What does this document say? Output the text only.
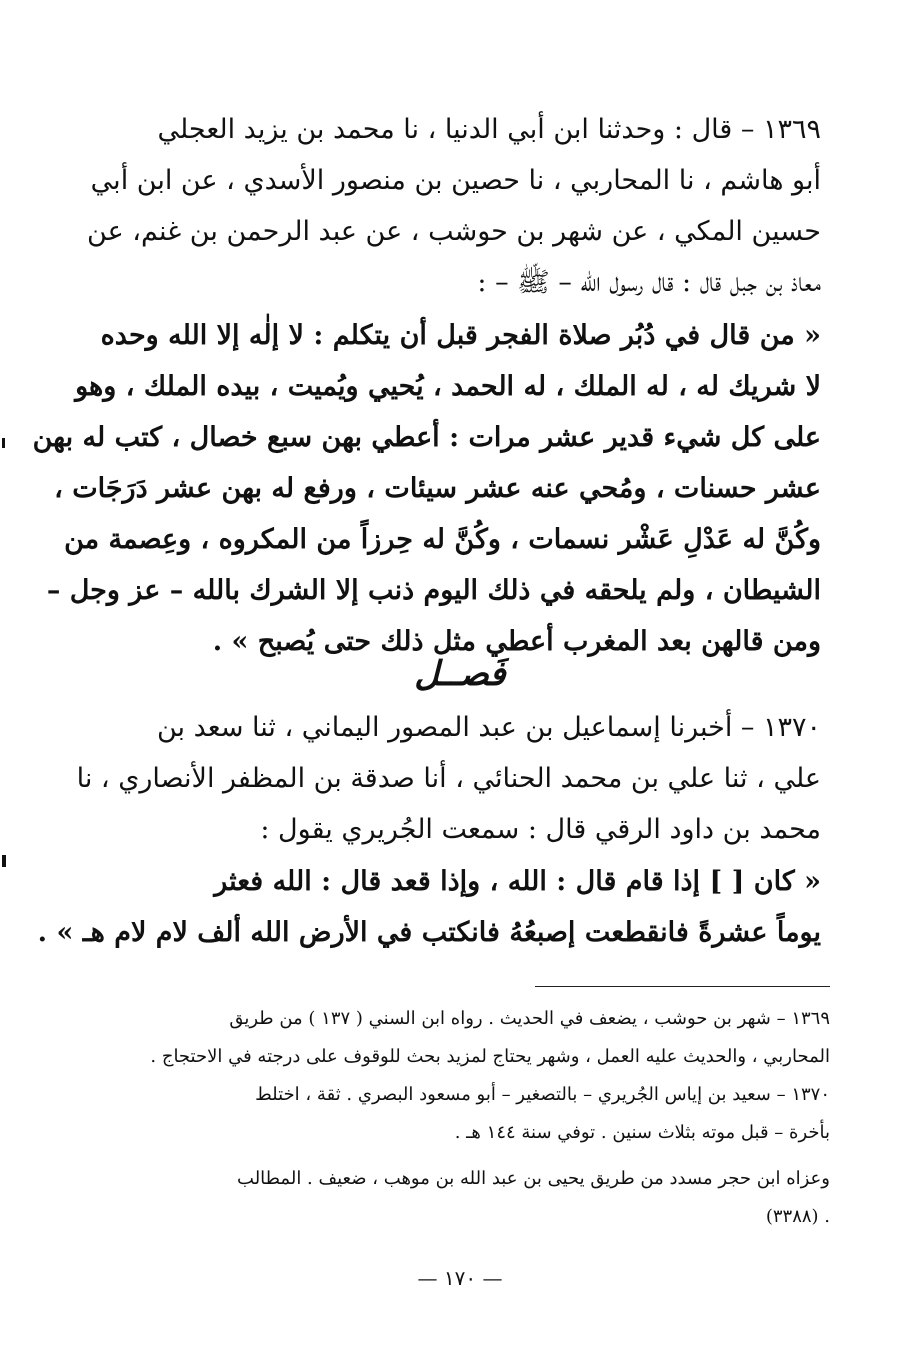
١٣٦٩ – قال : وحدثنا ابن أبي الدنيا ، نا محمد بن يزيد العجلي
أبو هاشم ، نا المحاربي ، نا حصين بن منصور الأسدي ، عن ابن أبي
حسين المكي ، عن شهر بن حوشب ، عن عبد الرحمن بن غنم، عن
معاذ بن جبل قال : قال رسول الله – ﷺ – :
« من قال في دُبُر صلاة الفجر قبل أن يتكلم : لا إلٰه إلا الله وحده
لا شريك له ، له الملك ، له الحمد ، يُحيي ويُميت ، بيده الملك ، وهو
على كل شيء قدير عشر مرات : أعطي بهن سبع خصال ، كتب له بهن
عشر حسنات ، ومُحي عنه عشر سيئات ، ورفع له بهن عشر دَرَجَات ،
وكُنَّ له عَدْلِ عَشْر نسمات ، وكُنَّ له حِرزاً من المكروه ، وعِصمة من
الشيطان ، ولم يلحقه في ذلك اليوم ذنب إلا الشرك بالله – عز وجل –
ومن قالهن بعد المغرب أعطي مثل ذلك حتى يُصبح » .
فَصــل
١٣٧٠ – أخبرنا إسماعيل بن عبد المصور اليماني ، ثنا سعد بن
علي ، ثنا علي بن محمد الحنائي ، أنا صدقة بن المظفر الأنصاري ، نا
محمد بن داود الرقي قال : سمعت الجُريري يقول :
« كان [ ] إذا قام قال : الله ، وإذا قعد قال : الله فعثر
يوماً عشرةً فانقطعت إصبعُهُ فانكتب في الأرض الله ألف لام لام هـ » .
١٣٦٩ – شهر بن حوشب ، يضعف في الحديث . رواه ابن السني ( ١٣٧ ) من طريق
المحاربي ، والحديث عليه العمل ، وشهر يحتاج لمزيد بحث للوقوف على درجته في الاحتجاج .
١٣٧٠ – سعيد بن إياس الجُريري – بالتصغير – أبو مسعود البصري . ثقة ، اختلط
بأخرة – قبل موته بثلاث سنين . توفي سنة ١٤٤ هـ .
وعزاه ابن حجر مسدد من طريق يحيى بن عبد الله بن موهب ، ضعيف . المطالب
. (٣٣٨٨)
— ١٧٠ —
